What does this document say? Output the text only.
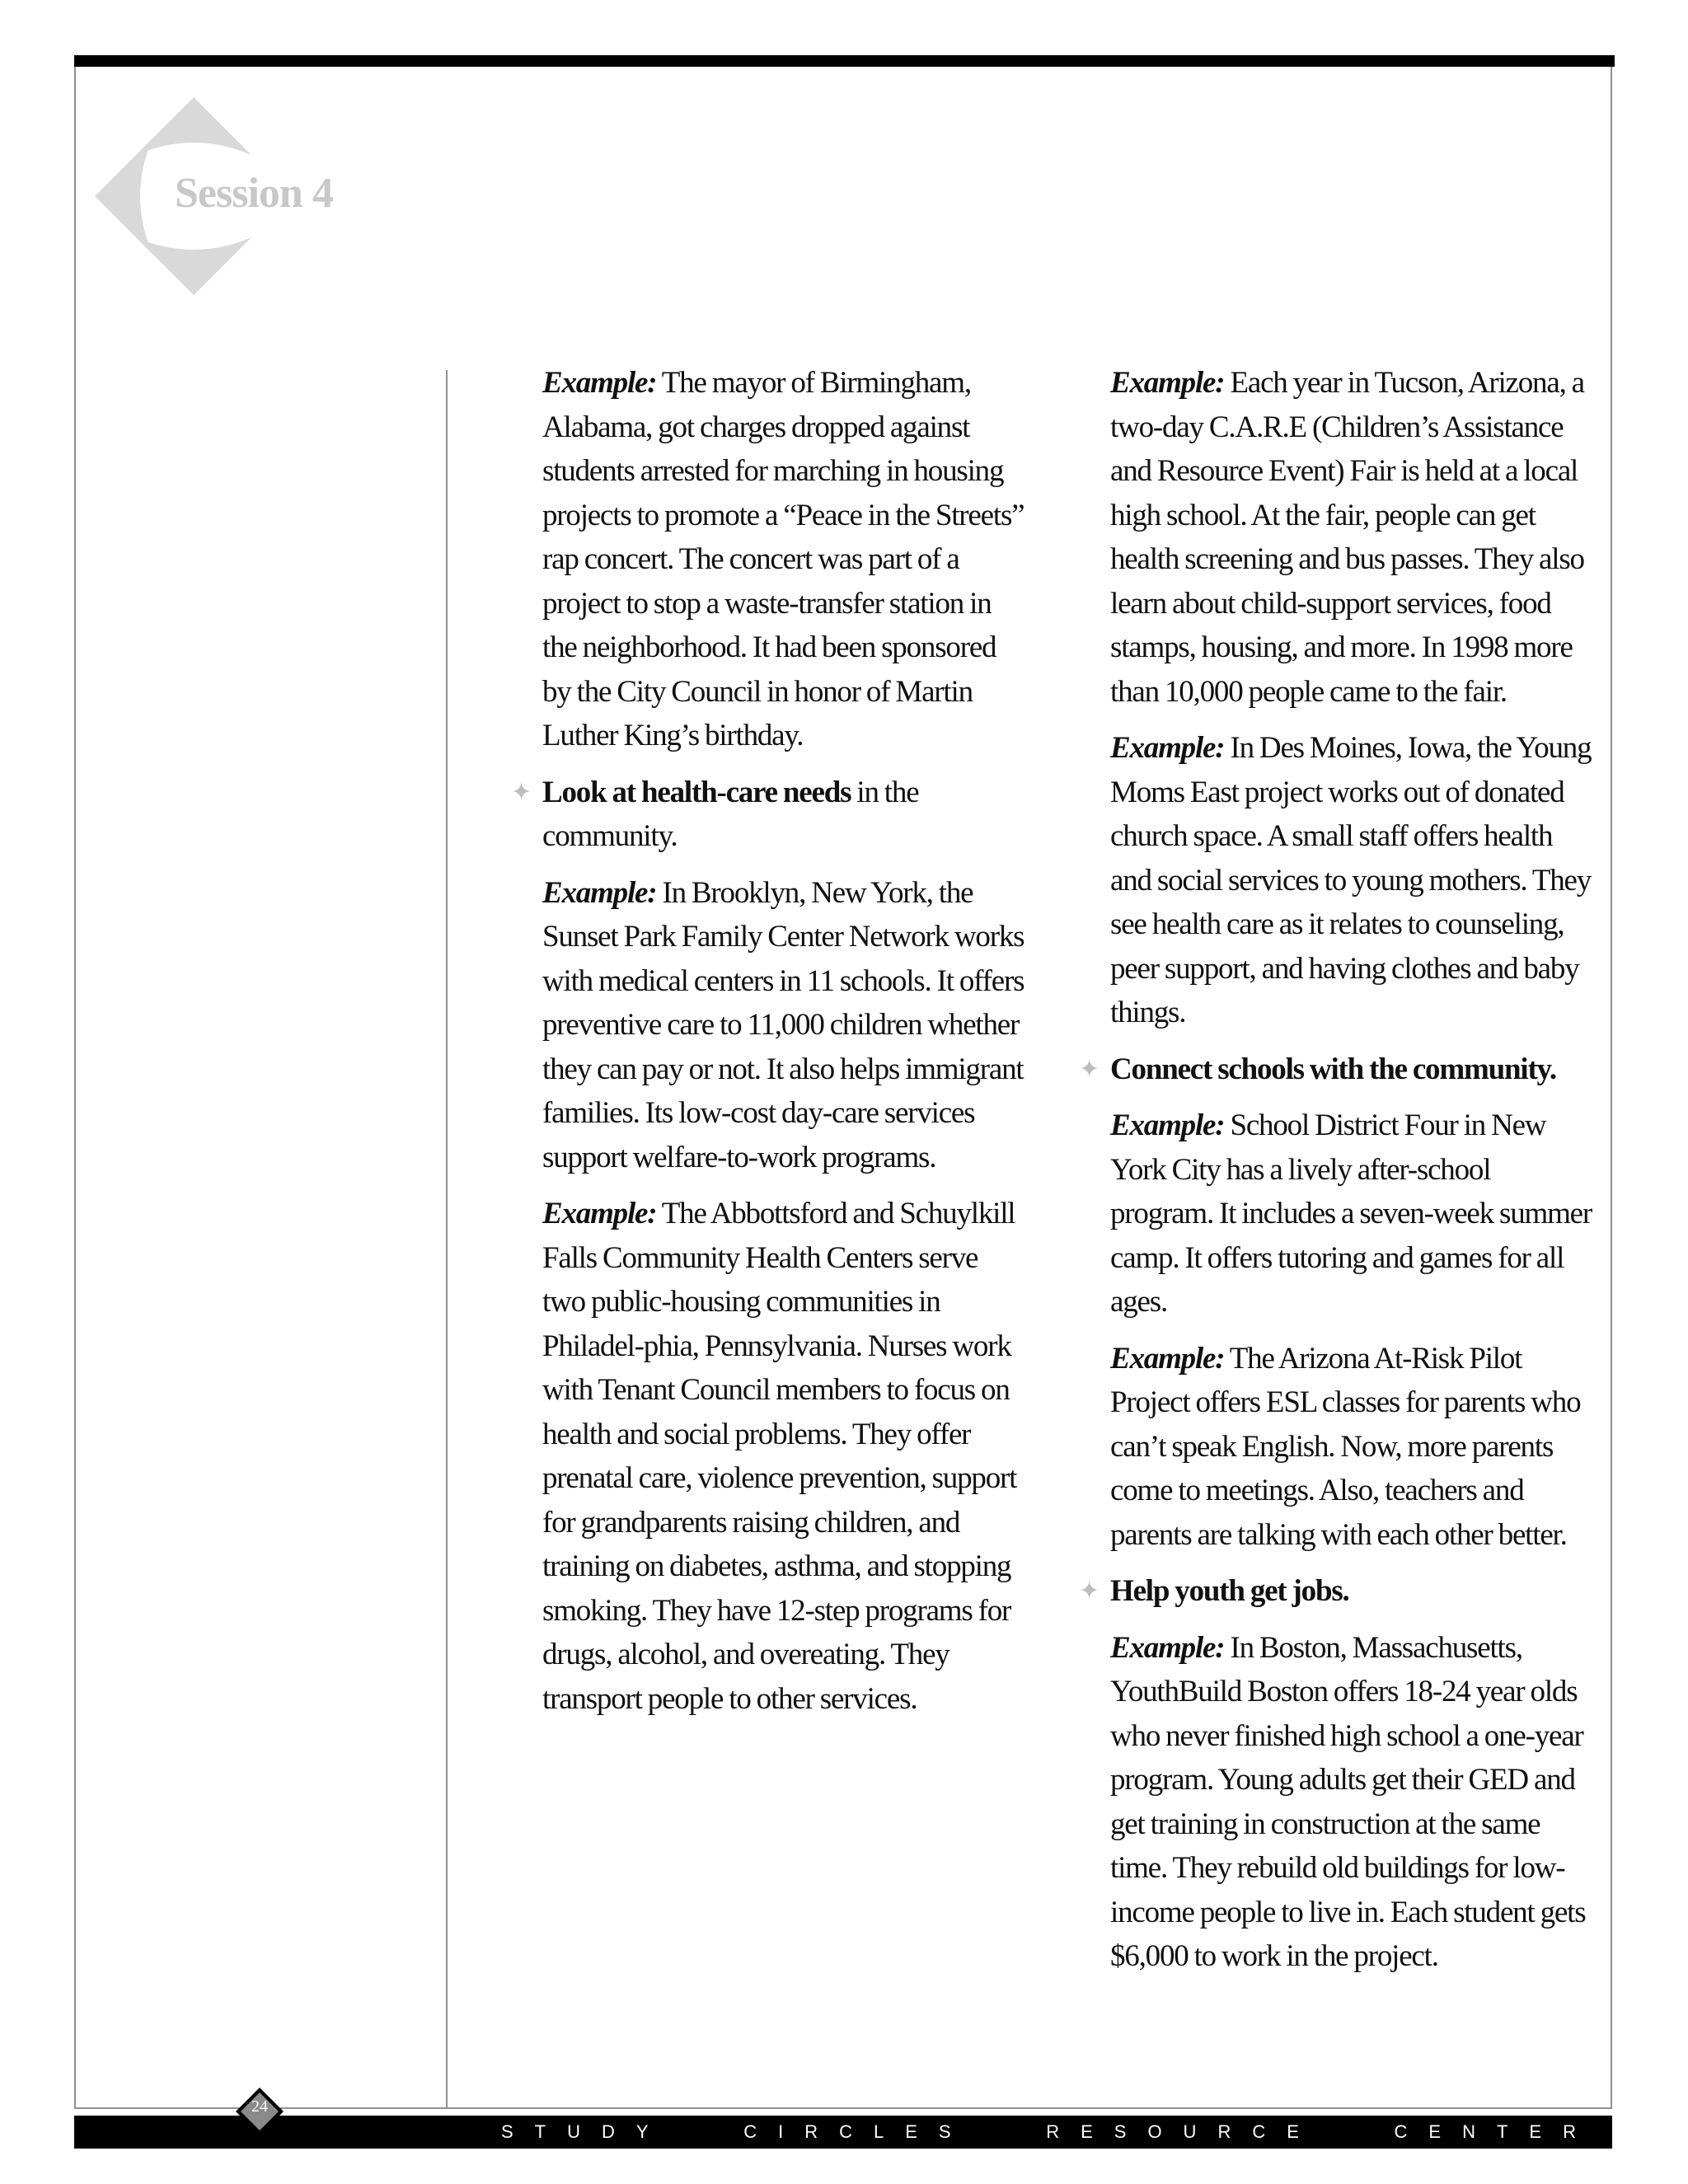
Session 4

Example: The mayor of Birmingham, Alabama, got charges dropped against students arrested for marching in housing projects to promote a “Peace in the Streets” rap concert. The concert was part of a project to stop a waste-transfer station in the neighborhood. It had been sponsored by the City Council in honor of Martin Luther King’s birthday.

✦ Look at health-care needs in the community.

Example: In Brooklyn, New York, the Sunset Park Family Center Network works with medical centers in 11 schools. It offers preventive care to 11,000 children whether they can pay or not. It also helps immigrant families. Its low-cost day-care services support welfare-to-work programs.

Example: The Abbottsford and Schuylkill Falls Community Health Centers serve two public-housing communities in Philadel-phia, Pennsylvania. Nurses work with Tenant Council members to focus on health and social problems. They offer prenatal care, violence prevention, support for grandparents raising children, and training on diabetes, asthma, and stopping smoking. They have 12-step programs for drugs, alcohol, and overeating. They transport people to other services.

Example: Each year in Tucson, Arizona, a two-day C.A.R.E (Children’s Assistance and Resource Event) Fair is held at a local high school. At the fair, people can get health screening and bus passes. They also learn about child-support services, food stamps, housing, and more. In 1998 more than 10,000 people came to the fair.

Example: In Des Moines, Iowa, the Young Moms East project works out of donated church space. A small staff offers health and social services to young mothers. They see health care as it relates to counseling, peer support, and having clothes and baby things.

✦ Connect schools with the community.

Example: School District Four in New York City has a lively after-school program. It includes a seven-week summer camp. It offers tutoring and games for all ages.

Example: The Arizona At-Risk Pilot Project offers ESL classes for parents who can’t speak English. Now, more parents come to meetings. Also, teachers and parents are talking with each other better.

✦ Help youth get jobs.

Example: In Boston, Massachusetts, YouthBuild Boston offers 18-24 year olds who never finished high school a one-year program. Young adults get their GED and get training in construction at the same time. They rebuild old buildings for low-income people to live in. Each student gets $6,000 to work in the project.

STUDY	CIRCLES	RESOURCE	CENTER
24
